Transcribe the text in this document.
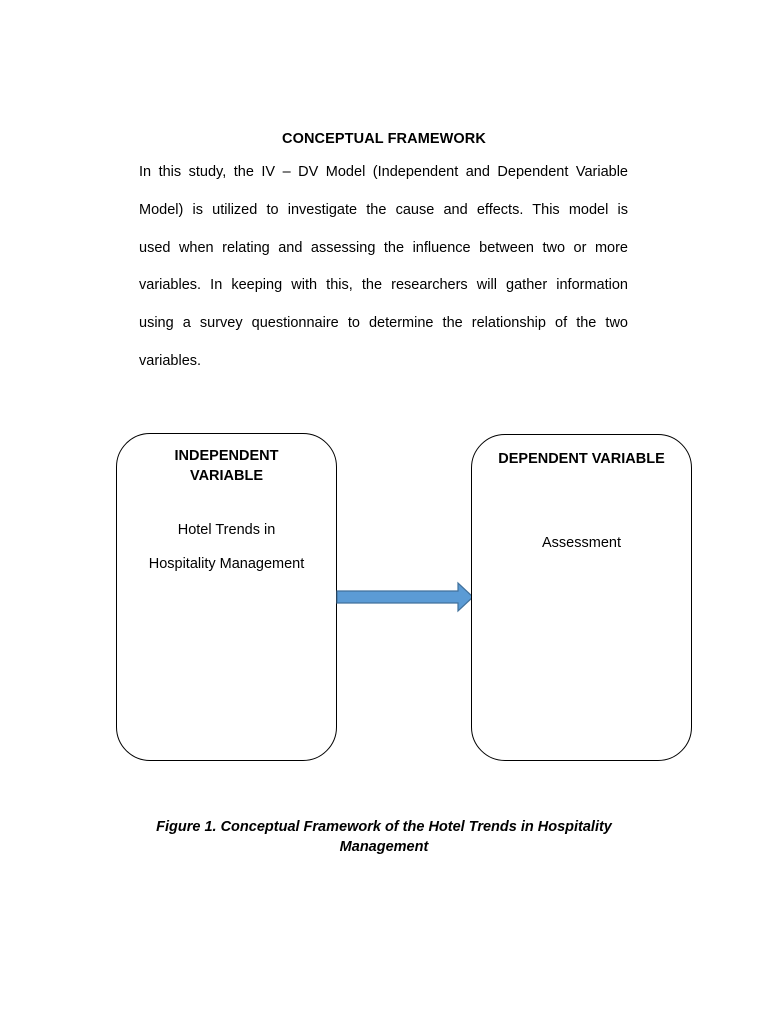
CONCEPTUAL FRAMEWORK
In this study, the IV – DV Model (Independent and Dependent Variable
Model) is utilized to investigate the cause and effects. This model is
used when relating and assessing the influence between two or more
variables. In keeping with this, the researchers will gather information
using a survey questionnaire to determine the relationship of the two
variables.
INDEPENDENT
VARIABLE
Hotel Trends in
Hospitality Management
DEPENDENT VARIABLE
Assessment
Figure 1. Conceptual Framework of the Hotel Trends in Hospitality
Management
